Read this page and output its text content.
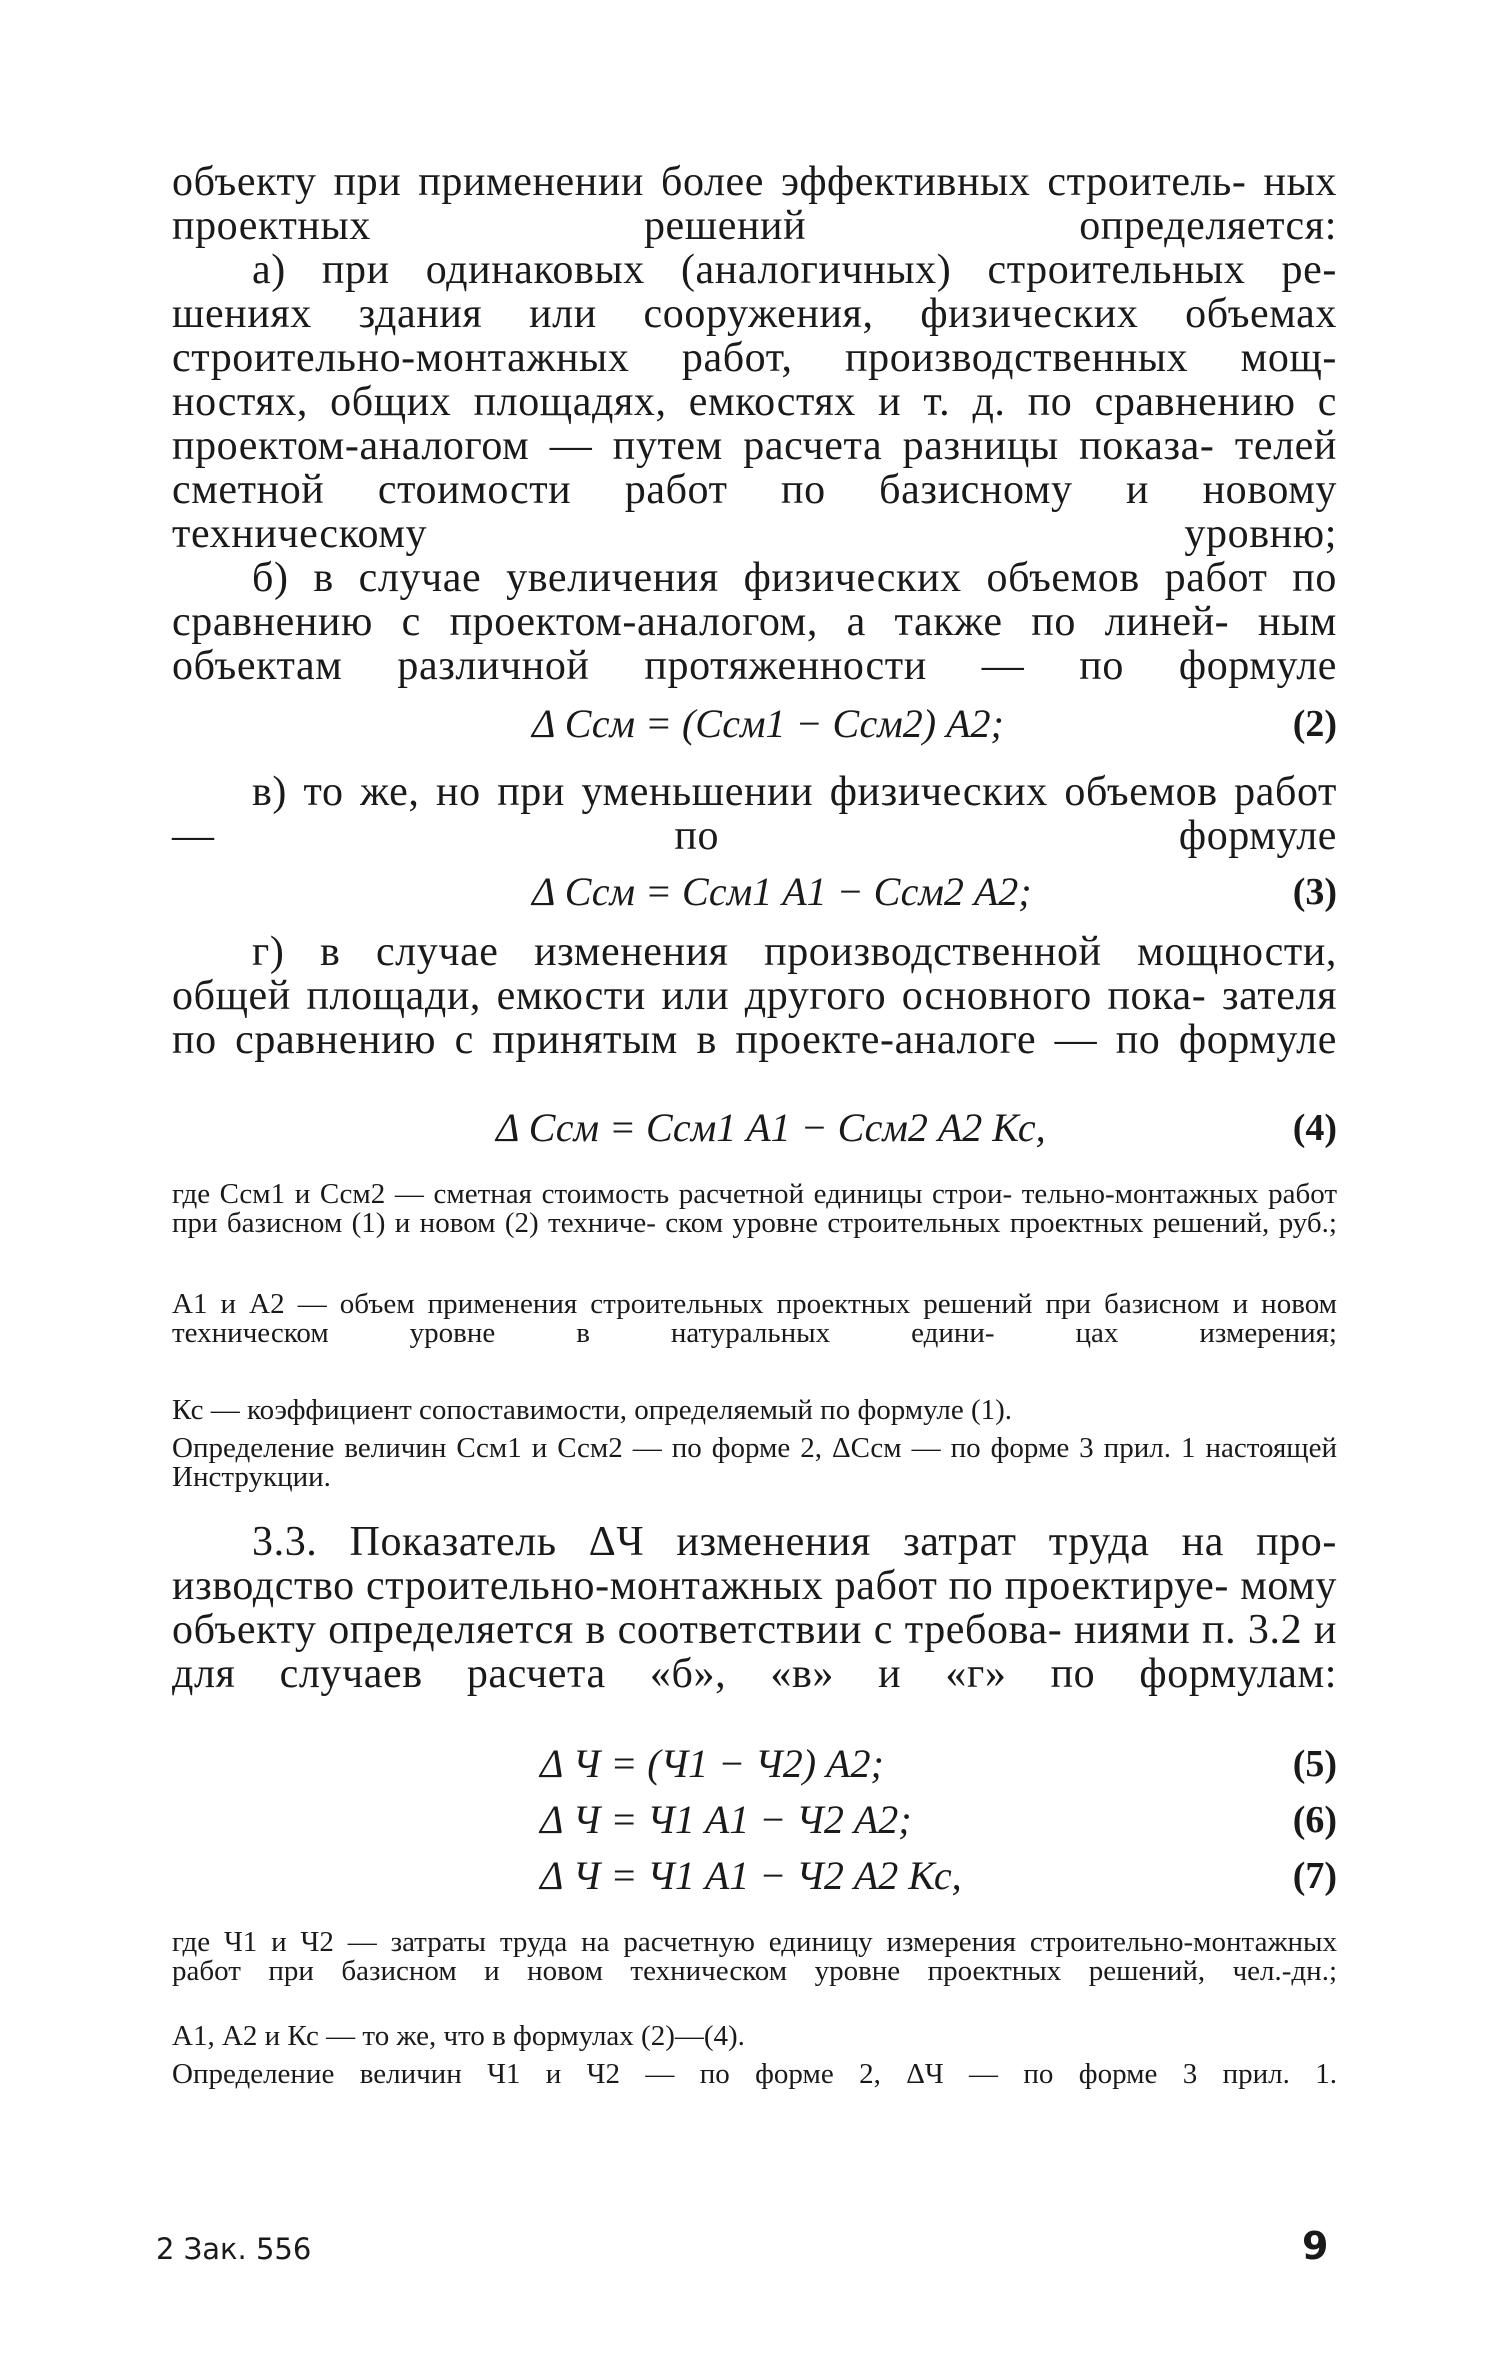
объекту при применении более эффективных строитель- ных проектных решений определяется:

а) при одинаковых (аналогичных) строительных ре- шениях здания или сооружения, физических объемах строительно-монтажных работ, производственных мощ- ностях, общих площадях, емкостях и т. д. по сравнению с проектом-аналогом — путем расчета разницы показа- телей сметной стоимости работ по базисному и новому техническому уровню;

б) в случае увеличения физических объемов работ по сравнению с проектом-аналогом, а также по линей- ным объектам различной протяженности — по формуле

Δ Ссм = (Ссм1 − Ссм2) А2;	(2)

в) то же, но при уменьшении физических объемов работ — по формуле

Δ Ссм = Ссм1 А1 − Ссм2 А2;	(3)

г) в случае изменения производственной мощности, общей площади, емкости или другого основного пока- зателя по сравнению с принятым в проекте-аналоге — по формуле

Δ Ссм = Ссм1 А1 − Ссм2 А2 Кс,	(4)

где Ссм1 и Ссм2 — сметная стоимость расчетной единицы строи- тельно-монтажных работ при базисном (1) и новом (2) техниче- ском уровне строительных проектных решений, руб.;

А1 и А2 — объем применения строительных проектных решений при базисном и новом техническом уровне в натуральных едини- цах измерения;

Кс — коэффициент сопоставимости, определяемый по формуле (1).

Определение величин Ссм1 и Ссм2 — по форме 2, ΔСсм — по форме 3 прил. 1 настоящей Инструкции.

3.3. Показатель ΔЧ изменения затрат труда на про- изводство строительно-монтажных работ по проектируе- мому объекту определяется в соответствии с требова- ниями п. 3.2 и для случаев расчета «б», «в» и «г» по формулам:

Δ Ч = (Ч1 − Ч2) А2;	(5)
Δ Ч = Ч1 А1 − Ч2 А2;	(6)
Δ Ч = Ч1 А1 − Ч2 А2 Кс,	(7)

где Ч1 и Ч2 — затраты труда на расчетную единицу измерения строительно-монтажных работ при базисном и новом техническом уровне проектных решений, чел.-дн.;

А1, А2 и Кс — то же, что в формулах (2)—(4).

Определение величин Ч1 и Ч2 — по форме 2, ΔЧ — по форме 3 прил. 1.

2 Зак. 556	9
